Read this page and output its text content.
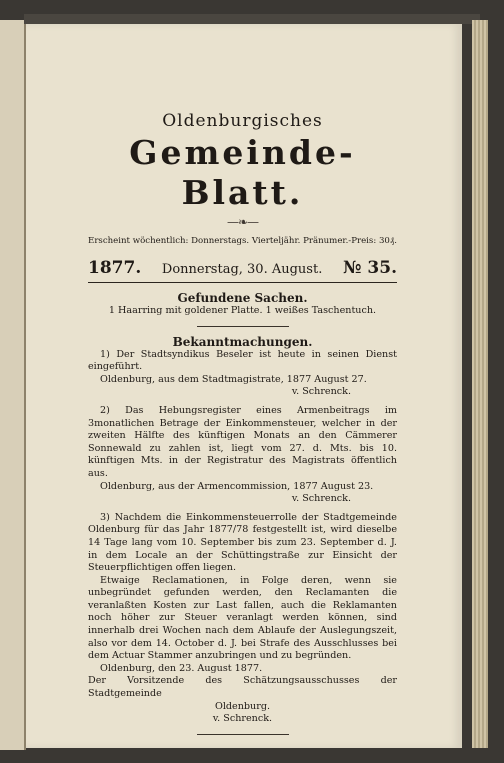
Oldenburgisches
Gemeinde-Blatt.
—❧—
Erscheint wöchentlich: Donnerstags. Vierteljähr. Pränumer.-Preis: 30₰.
1877. Donnerstag, 30. August. № 35.
Gefundene Sachen.

1 Haarring mit goldener Platte. 1 weißes Taschentuch.

Bekanntmachungen.

1) Der Stadtsyndikus Beseler ist heute in seinen Dienst eingeführt.

Oldenburg, aus dem Stadtmagistrate, 1877 August 27.

v. Schrenck.

2) Das Hebungsregister eines Armenbeitrags im 3monatlichen Betrage der Einkommensteuer, welcher in der zweiten Hälfte des künftigen Monats an den Cämmerer Sonnewald zu zahlen ist, liegt vom 27. d. Mts. bis 10. künftigen Mts. in der Registratur des Magistrats öffentlich aus.

Oldenburg, aus der Armencommission, 1877 August 23.

v. Schrenck.

3) Nachdem die Einkommensteuerrolle der Stadtgemeinde Oldenburg für das Jahr 1877/78 festgestellt ist, wird dieselbe 14 Tage lang vom 10. September bis zum 23. September d. J. in dem Locale an der Schüttingstraße zur Einsicht der Steuerpflichtigen offen liegen.

Etwaige Reclamationen, in Folge deren, wenn sie unbegründet gefunden werden, den Reclamanten die veranlaßten Kosten zur Last fallen, auch die Reklamanten noch höher zur Steuer veranlagt werden können, sind innerhalb drei Wochen nach dem Ablaufe der Auslegungszeit, also vor dem 14. October d. J. bei Strafe des Ausschlusses bei dem Actuar Stammer anzubringen und zu begründen.

Oldenburg, den 23. August 1877.

Der Vorsitzende des Schätzungsausschusses der Stadtgemeinde

Oldenburg.

v. Schrenck.
